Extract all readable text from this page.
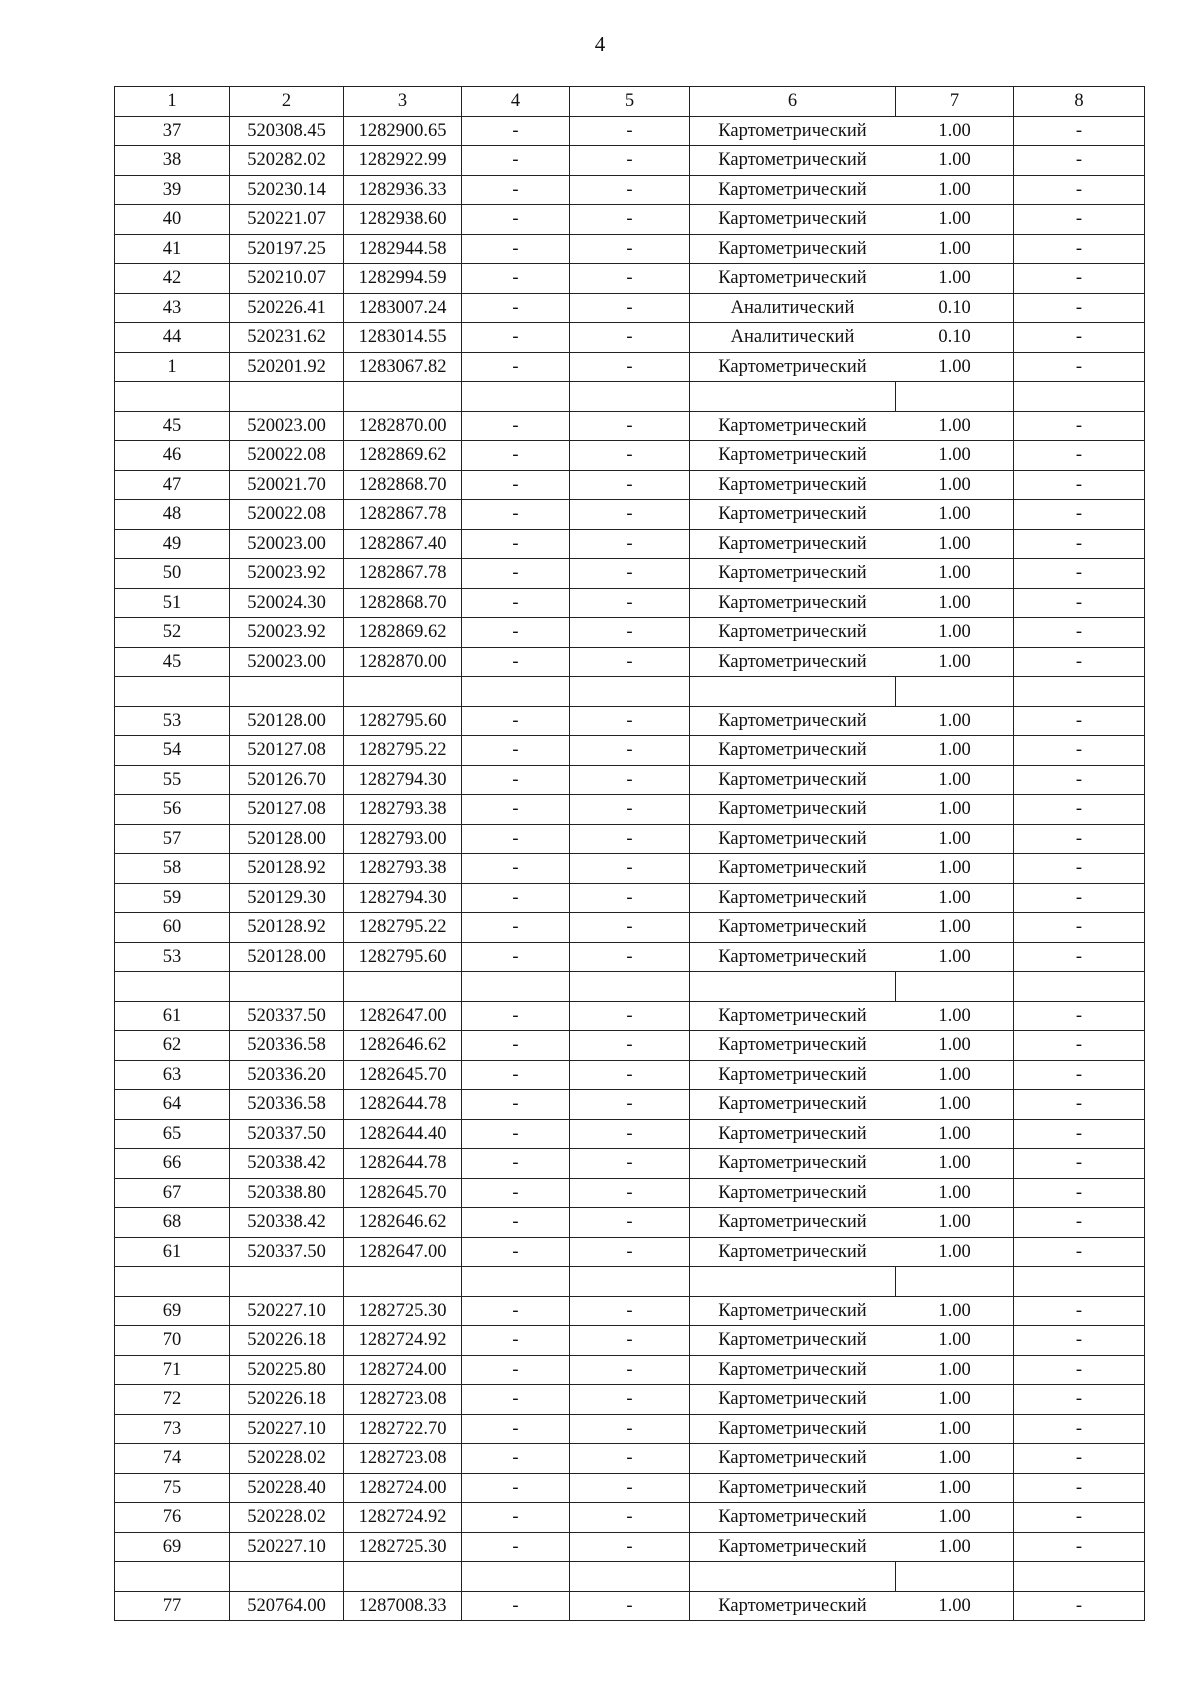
4
1	2	3	4	5	6	7	8
37	520308.45	1282900.65	-	-	Картометрический	1.00	-
38	520282.02	1282922.99	-	-	Картометрический	1.00	-
39	520230.14	1282936.33	-	-	Картометрический	1.00	-
40	520221.07	1282938.60	-	-	Картометрический	1.00	-
41	520197.25	1282944.58	-	-	Картометрический	1.00	-
42	520210.07	1282994.59	-	-	Картометрический	1.00	-
43	520226.41	1283007.24	-	-	Аналитический	0.10	-
44	520231.62	1283014.55	-	-	Аналитический	0.10	-
1	520201.92	1283067.82	-	-	Картометрический	1.00	-

45	520023.00	1282870.00	-	-	Картометрический	1.00	-
46	520022.08	1282869.62	-	-	Картометрический	1.00	-
47	520021.70	1282868.70	-	-	Картометрический	1.00	-
48	520022.08	1282867.78	-	-	Картометрический	1.00	-
49	520023.00	1282867.40	-	-	Картометрический	1.00	-
50	520023.92	1282867.78	-	-	Картометрический	1.00	-
51	520024.30	1282868.70	-	-	Картометрический	1.00	-
52	520023.92	1282869.62	-	-	Картометрический	1.00	-
45	520023.00	1282870.00	-	-	Картометрический	1.00	-

53	520128.00	1282795.60	-	-	Картометрический	1.00	-
54	520127.08	1282795.22	-	-	Картометрический	1.00	-
55	520126.70	1282794.30	-	-	Картометрический	1.00	-
56	520127.08	1282793.38	-	-	Картометрический	1.00	-
57	520128.00	1282793.00	-	-	Картометрический	1.00	-
58	520128.92	1282793.38	-	-	Картометрический	1.00	-
59	520129.30	1282794.30	-	-	Картометрический	1.00	-
60	520128.92	1282795.22	-	-	Картометрический	1.00	-
53	520128.00	1282795.60	-	-	Картометрический	1.00	-

61	520337.50	1282647.00	-	-	Картометрический	1.00	-
62	520336.58	1282646.62	-	-	Картометрический	1.00	-
63	520336.20	1282645.70	-	-	Картометрический	1.00	-
64	520336.58	1282644.78	-	-	Картометрический	1.00	-
65	520337.50	1282644.40	-	-	Картометрический	1.00	-
66	520338.42	1282644.78	-	-	Картометрический	1.00	-
67	520338.80	1282645.70	-	-	Картометрический	1.00	-
68	520338.42	1282646.62	-	-	Картометрический	1.00	-
61	520337.50	1282647.00	-	-	Картометрический	1.00	-

69	520227.10	1282725.30	-	-	Картометрический	1.00	-
70	520226.18	1282724.92	-	-	Картометрический	1.00	-
71	520225.80	1282724.00	-	-	Картометрический	1.00	-
72	520226.18	1282723.08	-	-	Картометрический	1.00	-
73	520227.10	1282722.70	-	-	Картометрический	1.00	-
74	520228.02	1282723.08	-	-	Картометрический	1.00	-
75	520228.40	1282724.00	-	-	Картометрический	1.00	-
76	520228.02	1282724.92	-	-	Картометрический	1.00	-
69	520227.10	1282725.30	-	-	Картометрический	1.00	-

77	520764.00	1287008.33	-	-	Картометрический	1.00	-
